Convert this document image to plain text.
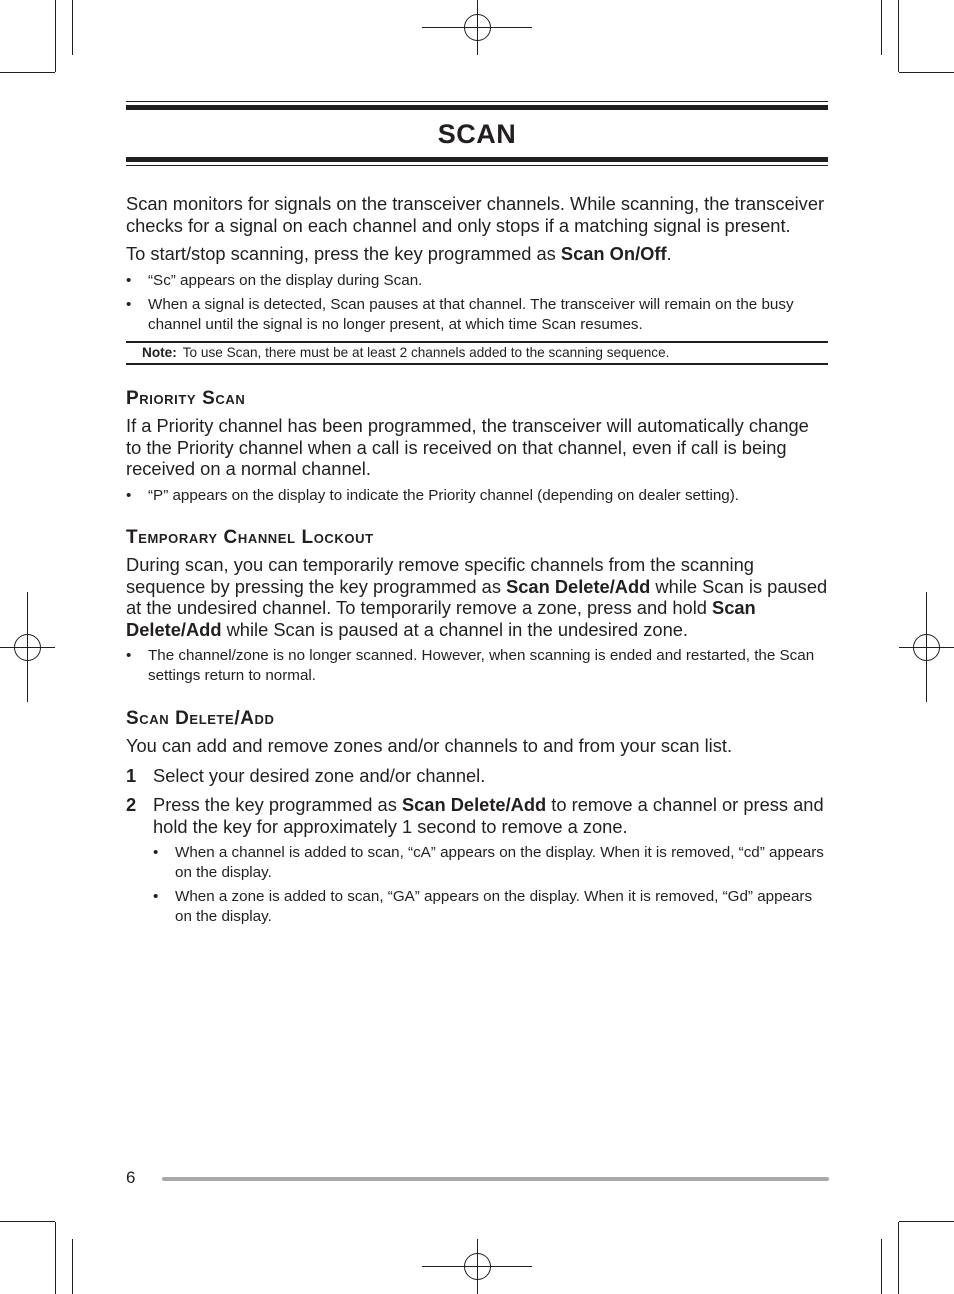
SCAN

Scan monitors for signals on the transceiver channels. While scanning, the transceiver checks for a signal on each channel and only stops if a matching signal is present.

To start/stop scanning, press the key programmed as Scan On/Off.

• “Sc” appears on the display during Scan.

• When a signal is detected, Scan pauses at that channel. The transceiver will remain on the busy channel until the signal is no longer present, at which time Scan resumes.

Note: To use Scan, there must be at least 2 channels added to the scanning sequence.

Priority Scan

If a Priority channel has been programmed, the transceiver will automatically change to the Priority channel when a call is received on that channel, even if call is being received on a normal channel.

• “P” appears on the display to indicate the Priority channel (depending on dealer setting).

Temporary Channel Lockout

During scan, you can temporarily remove specific channels from the scanning sequence by pressing the key programmed as Scan Delete/Add while Scan is paused at the undesired channel. To temporarily remove a zone, press and hold Scan Delete/Add while Scan is paused at a channel in the undesired zone.

• The channel/zone is no longer scanned. However, when scanning is ended and restarted, the Scan settings return to normal.

Scan Delete/Add

You can add and remove zones and/or channels to and from your scan list.

1 Select your desired zone and/or channel.

2 Press the key programmed as Scan Delete/Add to remove a channel or press and hold the key for approximately 1 second to remove a zone.

• When a channel is added to scan, “cA” appears on the display. When it is removed, “cd” appears on the display.

• When a zone is added to scan, “GA” appears on the display. When it is removed, “Gd” appears on the display.

6
